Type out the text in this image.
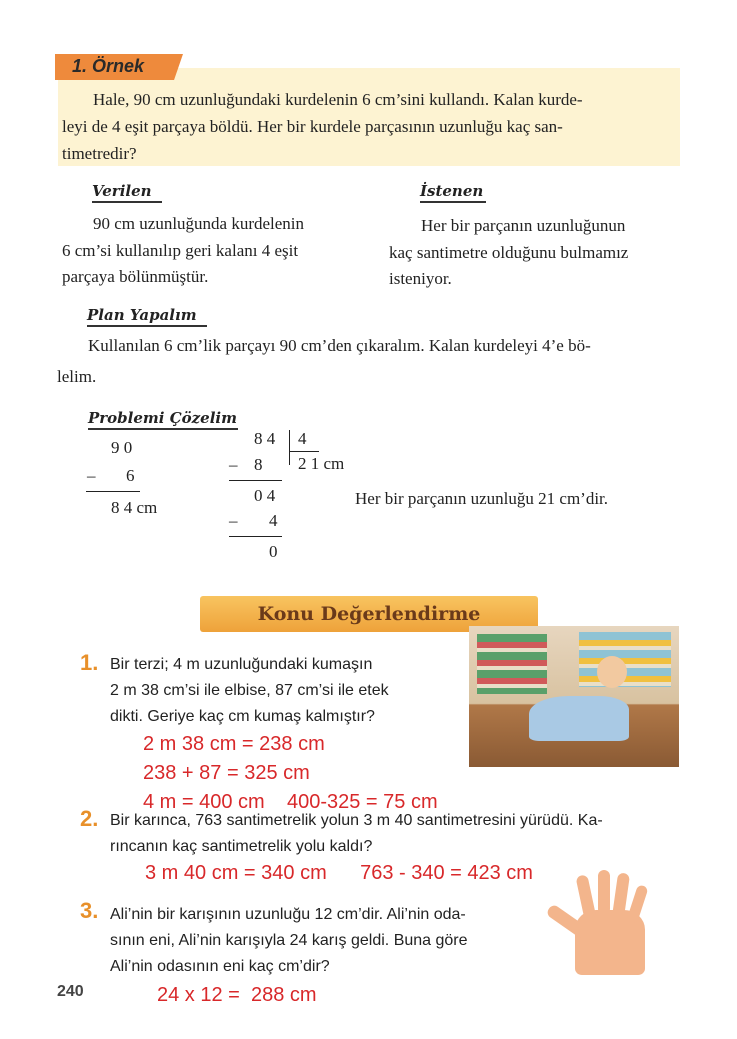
1. Örnek
Hale, 90 cm uzunluğundaki kurdelenin 6 cm’sini kullandı. Kalan kurde-
leyi de 4 eşit parçaya böldü. Her bir kurdele parçasının uzunluğu kaç san-
timetredir?
Verilen
90 cm uzunluğunda kurdelenin
6 cm’si kullanılıp geri kalanı 4 eşit
parçaya bölünmüştür.
İstenen
Her bir parçanın uzunluğunun
kaç santimetre olduğunu bulmamız
isteniyor.
Plan Yapalım
Kullanılan 6 cm’lik parçayı 90 cm’den çıkaralım. Kalan kurdeleyi 4’e bö-
lelim.
Problemi Çözelim
9 0
– 6
8 4 cm
8 4 4
2 1 cm
– 8
0 4
– 4
0
Her bir parçanın uzunluğu 21 cm’dir.
Konu Değerlendirme
1. Bir terzi; 4 m uzunluğundaki kumaşın
2 m 38 cm’si ile elbise, 87 cm’si ile etek
dikti. Geriye kaç cm kumaş kalmıştır?
2 m 38 cm = 238 cm
238 + 87 = 325 cm
4 m = 400 cm    400-325 = 75 cm
2. Bir karınca, 763 santimetrelik yolun 3 m 40 santimetresini yürüdü. Ka-
rıncanın kaç santimetrelik yolu kaldı?
3 m 40 cm = 340 cm      763 - 340 = 423 cm
3. Ali’nin bir karışının uzunluğu 12 cm’dir. Ali’nin oda-
sının eni, Ali’nin karışıyla 24 karış geldi. Buna göre
Ali’nin odasının eni kaç cm’dir?
24 x 12 =  288 cm
240
